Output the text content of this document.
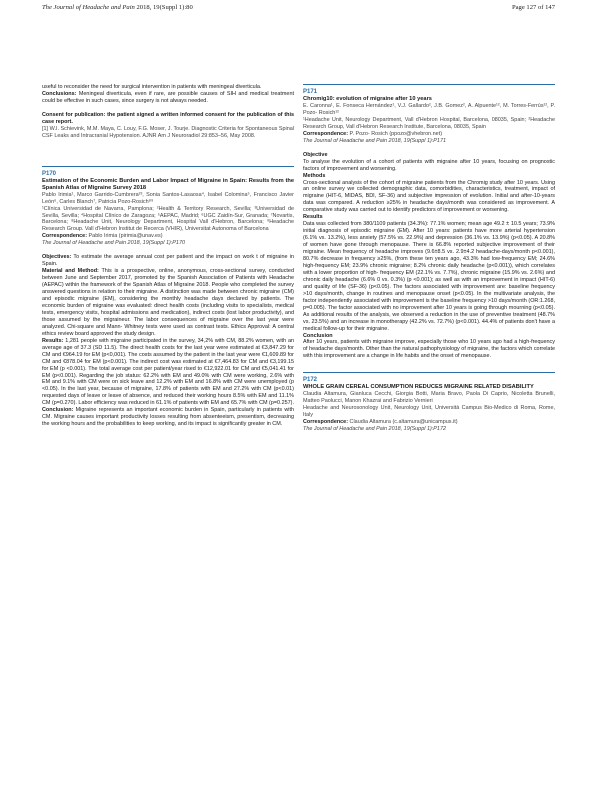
The Journal of Headache and Pain 2018, 19(Suppl 1):80	Page 127 of 147

useful to reconsider the need for surgical intervention in patients with meningeal diverticula.

Conclusions: Meningeal diverticula, even if rare, are possible causes of SIH and medical treatment could be effective in such cases, since surgery is not always needed.

Consent for publication: the patient signed a written informed consent for the publication of this case report.

[1] W.I. Schievink, M.M. Maya, C. Louy, F.G. Moser, J. Tourje. Diagnostic Criteria for Spontaneous Spinal CSF Leaks and Intracranial Hypotension. AJNR Am J Neuroradiol 29:853–56, May 2008.

P170

Estimation of the Economic Burden and Labor Impact of Migraine in Spain: Results from the Spanish Atlas of Migraine Survey 2018

Pablo Irimia¹, Marco Garrido-Cumbrera²³, Sonia Santos-Lasaosa⁴, Isabel Colomina⁵, Francisco Javier León⁶, Carles Blanch⁷, Patricia Pozo-Rosich⁸⁹

¹Clínica Universidad de Navarra, Pamplona; ²Health & Territory Research, Sevilla; ³Universidad de Sevilla, Sevilla; ⁴Hospital Clínico de Zaragoza; ⁵AEPAC, Madrid; ⁶UGC Zaidín-Sur, Granada; ⁷Novartis, Barcelona; ⁸Headache Unit, Neurology Department, Hospital Vall d'Hebron, Barcelona; ⁹Headache Research Group. Vall d'Hebron Institut de Recerca (VHIR), Universitat Autonoma of Barcelona

Correspondence: Pablo Irimia (pirimia@unav.es)

The Journal of Headache and Pain 2018, 19(Suppl 1):P170

Objectives: To estimate the average annual cost per patient and the impact on work t of migraine in Spain.

Material and Method: This is a prospective, online, anonymous, cross-sectional survey, conducted between June and September 2017, promoted by the Spanish Association of Patients with Headache (AEPAC) within the framework of the Spanish Atlas of Migraine 2018. People who completed the survey answered questions in relation to their migraine. A distinction was made between chronic migraine (CM) and episodic migraine (EM), considering the monthly headache days declared by patients. The economic burden of migraine was evaluated: direct health costs (including visits to specialists, medical tests, emergency visits, hospital admissions and medication), indirect costs (lost labor productivity), and those assumed by the migraineur. The labor consequences of migraine over the last year were analyzed. Chi-square and Mann- Whitney tests were used as contrast tests. Ethics Approval: A central ethics review board approved the study design.

Results: 1,281 people with migraine participated in the survey, 34,2% with CM, 88.2% women, with an average age of 37.3 (SD 11.5). The direct health costs for the last year were estimated at €3,847.29 for CM and €964.19 for EM (p<0,001). The costs assumed by the patient in the last year were €1,609.89 for CM and €878.04 for EM (p<0.001). The indirect cost was estimated at €7,464.83 for CM and €3,199.15 for EM (p <0.001). The total average cost per patient/year rised to €12,922.01 for CM and €5,041.41 for EM (p<0.001). Regarding the job status: 62.2% with EM and 49.0% with CM were working, 2.6% with EM and 9.1% with CM were on sick leave and 12.2% with EM and 16.8% with CM were unemployed (p <0.05). In the last year, because of migraine, 17.8% of patients with EM and 27.2% with CM (p<0.01) requested days of leave or leave of absence, and reduced their working hours 8.5% with EM and 11.1% CM (p=0.270). Labor efficiency was reduced in 61.1% of patients with EM and 65.7% with CM (p=0.257).

Conclusion: Migraine represents an important economic burden in Spain, particularly in patients with CM. Migraine causes important productivity losses resulting from absenteeism, presentism, decreasing the working hours and the probabilities to keep working, and its impact is significantly greater in CM.

P171

Chromig10: evolution of migraine after 10 years

E. Caronna¹, E. Fonseca Hernández¹, V.J. Gallardo², J.B. Gomez², A. Alpuente¹², M. Torres-Ferrús¹², P. Pozo- Rosich¹²

¹Headache Unit, Neurology Department, Vall d'Hebron Hospital, Barcelona, 08035, Spain; ²Headache Research Group, Vall d'Hebron Research Institute, Barcelona, 08035, Spain

Correspondence: P. Pozo- Rosich (ppozo@vhebron.net)

The Journal of Headache and Pain 2018, 19(Suppl 1):P171

Objective

To analyse the evolution of a cohort of patients with migraine after 10 years, focusing on prognostic factors of improvement and worsening.

Methods

Cross-sectional analysis of the cohort of migraine patients from the Chromig study after 10 years. Using an online survey we collected demographic data, comorbidities, characteristics, treatment, impact of migraine (HIT-6, MIDAS, BDI, SF-36) and subjective impression of evolution. Initial and after-10-years data was compared. A reduction ≥25% in headache days/month was considered as improvement. A comparative study was carried out to identify predictors of improvement or worsening.

Results

Data was collected from 380/1109 patients (34.3%): 77.1% women; mean age 49.2 ± 10.5 years; 73.9% initial diagnosis of episodic migraine (EM). After 10 years: patients have more arterial hypertension (6.1% vs. 13.2%), less anxiety (57.5% vs. 22.9%) and depression (36.1% vs. 13.9%) (p<0.05). A 20.8% of women have gone through menopause. There is 66.8% reported subjective improvement of their migraine. Mean frequency of headache improves (9.6±8.5 vs. 2.9±4.2 headache-days/month p<0.001), 80.7% decrease in frequency ≥25%, (from these ten years ago, 43.3% had low-frequency EM; 24.6% high-frequency EM; 23.9% chronic migraine; 8.2% chronic daily headache (p<0.001)), which correlates with a lower proportion of high- frequency EM (22.1% vs. 7.7%), chronic migraine (15.9% vs. 2.6%) and chronic daily headache (6.6% 0 vs. 0.3%) (p <0.001); as well as with an improvement in impact (HIT-6) and quality of life (SF-36) (p<0.05). The factors associated with improvement are: baseline frequency >10 days/month, change in routines and menopause onset (p<0.05). In the multivariate analysis, the factor independently associated with improvement is the baseline frequency >10 days/month (OR:1.268, p=0.005). The factor associated with no improvement after 10 years is going through mourning (p<0.05). As additional results of the analysis, we observed a reduction in the use of preventive treatment (48.7% vs. 23.5%) and an increase in monotherapy (42.2% vs. 72.7%) (p<0.001). 44.4% of patients don't have a medical follow-up for their migraine.

Conclusion

After 10 years, patients with migraine improve, especially those who 10 years ago had a high-frequency of headache days/month. Other than the natural pathophysiology of migraine, the factors which correlate with this improvement are a change in life habits and the onset of menopause.

P172

WHOLE GRAIN CEREAL CONSUMPTION REDUCES MIGRAINE RELATED DISABILITY

Claudia Altamura, Gianluca Cecchi, Giorgia Botti, Maria Bravo, Paola Di Caprio, Nicoletta Brunelli, Matteo Paolucci, Manon Khazrai and Fabrizio Vernieri

Headache and Neurosonology Unit, Neurology Unit, Università Campus Bio-Medico di Roma, Rome, Italy

Correspondence: Claudia Altamura (c.altamura@unicampus.it)

The Journal of Headache and Pain 2018, 19(Suppl 1):P172
